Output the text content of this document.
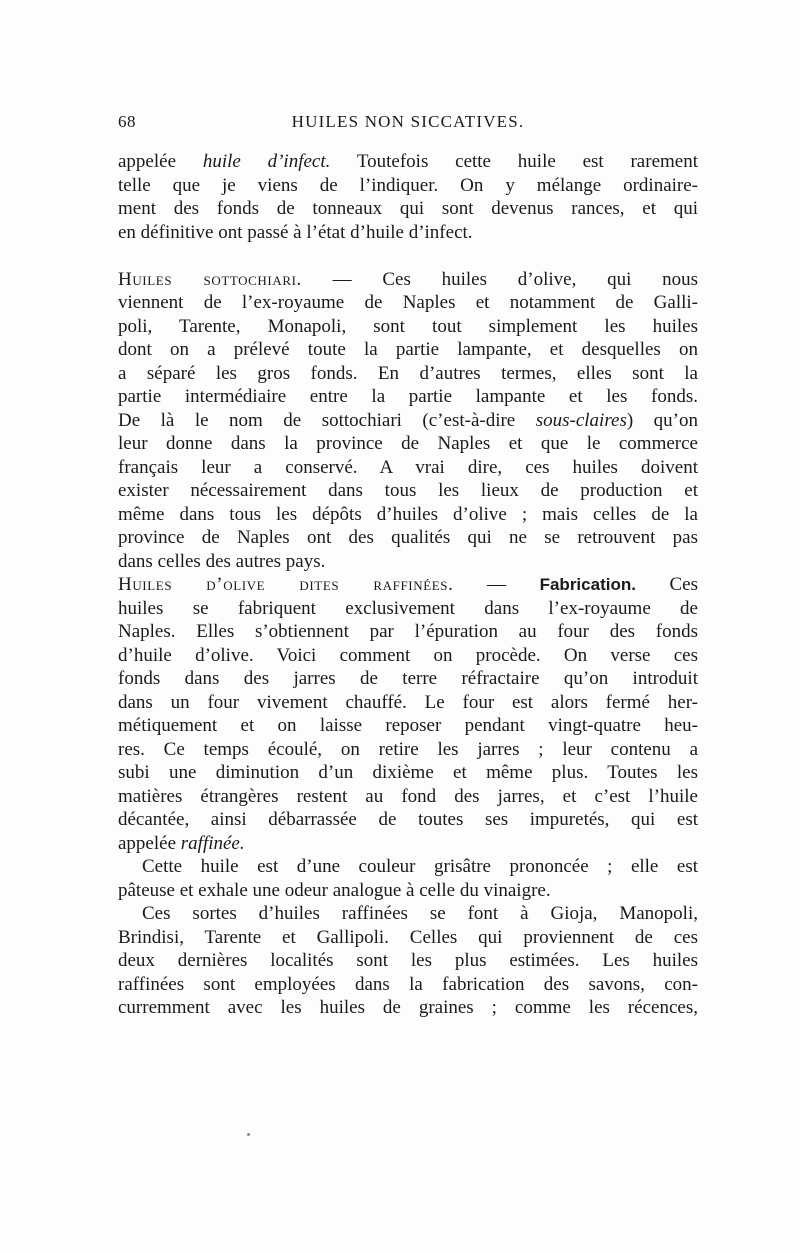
68	HUILES NON SICCATIVES.
appelée huile d’infect. Toutefois cette huile est rarement
telle que je viens de l’indiquer. On y mélange ordinaire-
ment des fonds de tonneaux qui sont devenus rances, et qui
en définitive ont passé à l’état d’huile d’infect.
Huiles sottochiari. — Ces huiles d’olive, qui nous
viennent de l’ex-royaume de Naples et notamment de Galli-
poli, Tarente, Monapoli, sont tout simplement les huiles
dont on a prélevé toute la partie lampante, et desquelles on
a séparé les gros fonds. En d’autres termes, elles sont la
partie intermédiaire entre la partie lampante et les fonds.
De là le nom de sottochiari (c’est-à-dire sous-claires) qu’on
leur donne dans la province de Naples et que le commerce
français leur a conservé. A vrai dire, ces huiles doivent
exister nécessairement dans tous les lieux de production et
même dans tous les dépôts d’huiles d’olive ; mais celles de la
province de Naples ont des qualités qui ne se retrouvent pas
dans celles des autres pays.
Huiles d’olive dites raffinées. — Fabrication. Ces
huiles se fabriquent exclusivement dans l’ex-royaume de
Naples. Elles s’obtiennent par l’épuration au four des fonds
d’huile d’olive. Voici comment on procède. On verse ces
fonds dans des jarres de terre réfractaire qu’on introduit
dans un four vivement chauffé. Le four est alors fermé her-
métiquement et on laisse reposer pendant vingt-quatre heu-
res. Ce temps écoulé, on retire les jarres ; leur contenu a
subi une diminution d’un dixième et même plus. Toutes les
matières étrangères restent au fond des jarres, et c’est l’huile
décantée, ainsi débarrassée de toutes ses impuretés, qui est
appelée raffinée.
Cette huile est d’une couleur grisâtre prononcée ; elle est
pâteuse et exhale une odeur analogue à celle du vinaigre.
Ces sortes d’huiles raffinées se font à Gioja, Manopoli,
Brindisi, Tarente et Gallipoli. Celles qui proviennent de ces
deux dernières localités sont les plus estimées. Les huiles
raffinées sont employées dans la fabrication des savons, con-
curremment avec les huiles de graines ; comme les récences,
